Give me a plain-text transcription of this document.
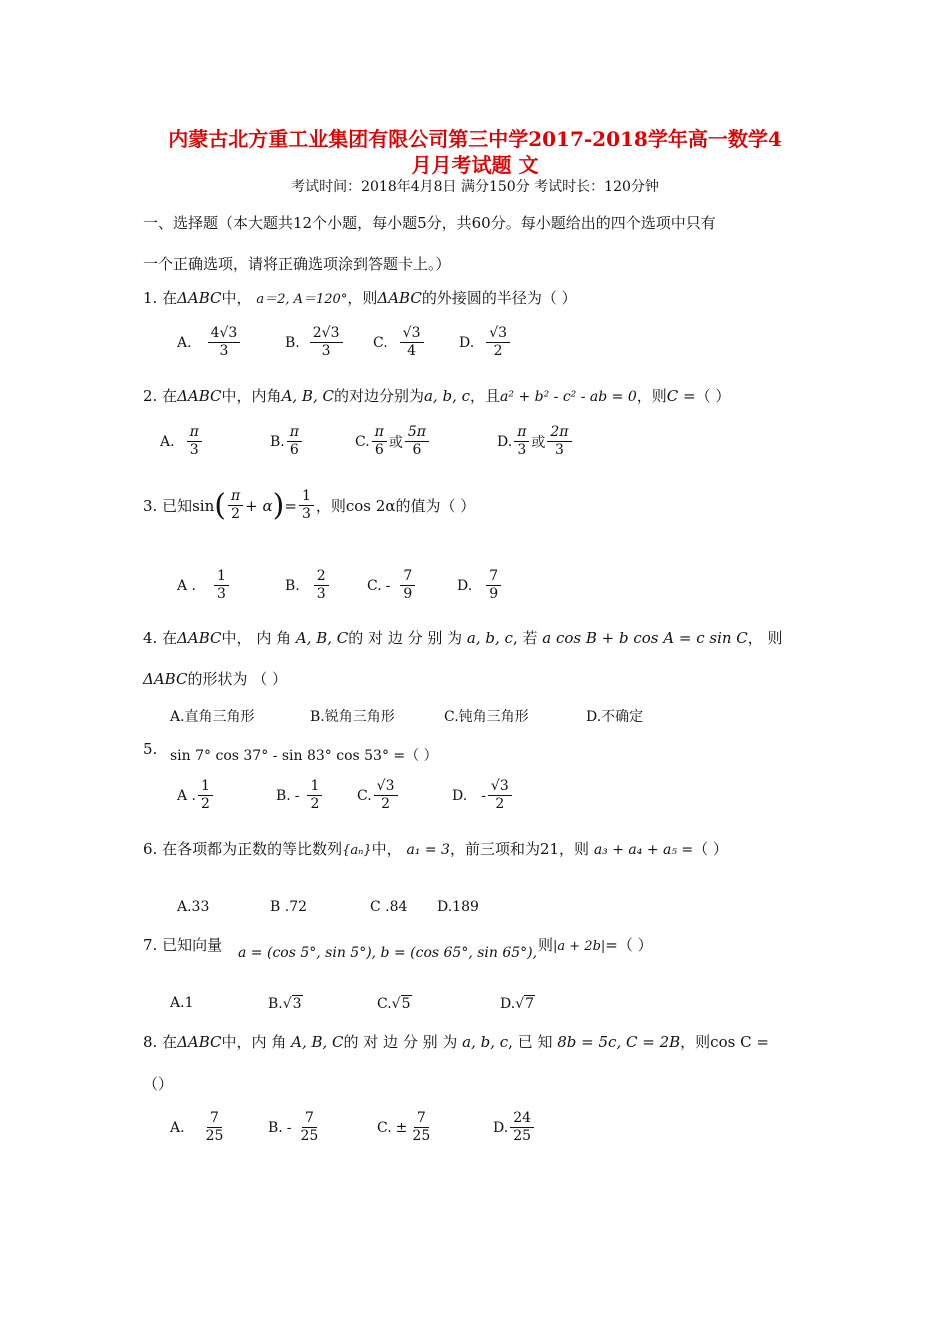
内蒙古北方重工业集团有限公司第三中学2017-2018学年高一数学4
月月考试题 文
考试时间：2018年4月8日 满分150分 考试时长：120分钟
一、选择题（本大题共12个小题，每小题5分，共60分。每小题给出的四个选项中只有
一个正确选项，请将正确选项涂到答题卡上。）
1. 在ΔABC中， a＝2, A＝120°，则ΔABC的外接圆的半径为（ ）
A. $\frac{4√3}{3}$	B. $\frac{2√3}{3} C$. $\frac{√3}{4}$	D. $\frac{√3}{2}$
2. 在ΔABC中，内角A, B, C的对边分别为a, b, c，且a² + b² - c² - ab = 0，则C =（ ）
A. $\frac{\pi}{3}$	B. $\frac{\pi}{6}$	C. $\frac{\pi}{6}$ 或 $\frac{5\pi}{6}$	D. $\frac{\pi}{3}$ 或 $\frac{2\pi}{3}$
3. 已知 sin ( $\frac{\pi}{2} + \alpha$ ) = $\frac{1}{3}$ ，则 cos 2α 的值为（ ）
A . $\frac{1}{3}$	B. $\frac{2}{3}$	C. - $\frac{7}{9}$	D. $\frac{7}{9}$
4. 在ΔABC中， 内 角 A, B, C的 对 边 分 别 为 a, b, c, 若 a cos B + b cos A = c sin C， 则
ΔABC的形状为 （ ）
A.直角三角形	B.锐角三角形	C.钝角三角形	D.不确定
5. sin 7° cos 37° - sin 83° cos 53° =（ ）
A . $\frac{1}{2}$	B. - $\frac{1}{2} C$. $\frac{√3}{2}$	D. - $\frac{√3}{2}$
6. 在各项都为正数的等比数列{aₙ}中， a₁ = 3，前三项和为21，则 a₃ + a₄ + a₅ =（ ）
A.33	B .72	C .84 D.189
7. 已知向量 a = (cos 5°, sin 5°), b = (cos 65°, sin 65°), 则|a + 2b|=（ ）
A. 1	B. √ 3	C. √ 5	D. √ 7
8. 在ΔABC中，内 角 A, B, C的 对 边 分 别 为 a, b, c, 已 知 8b = 5c, C = 2B，则cos C =
（）
A. $\frac{7}{25}$	B. - $\frac{7}{25}$	C. ± $\frac{7}{25}$	D. $\frac{24}{25}$
